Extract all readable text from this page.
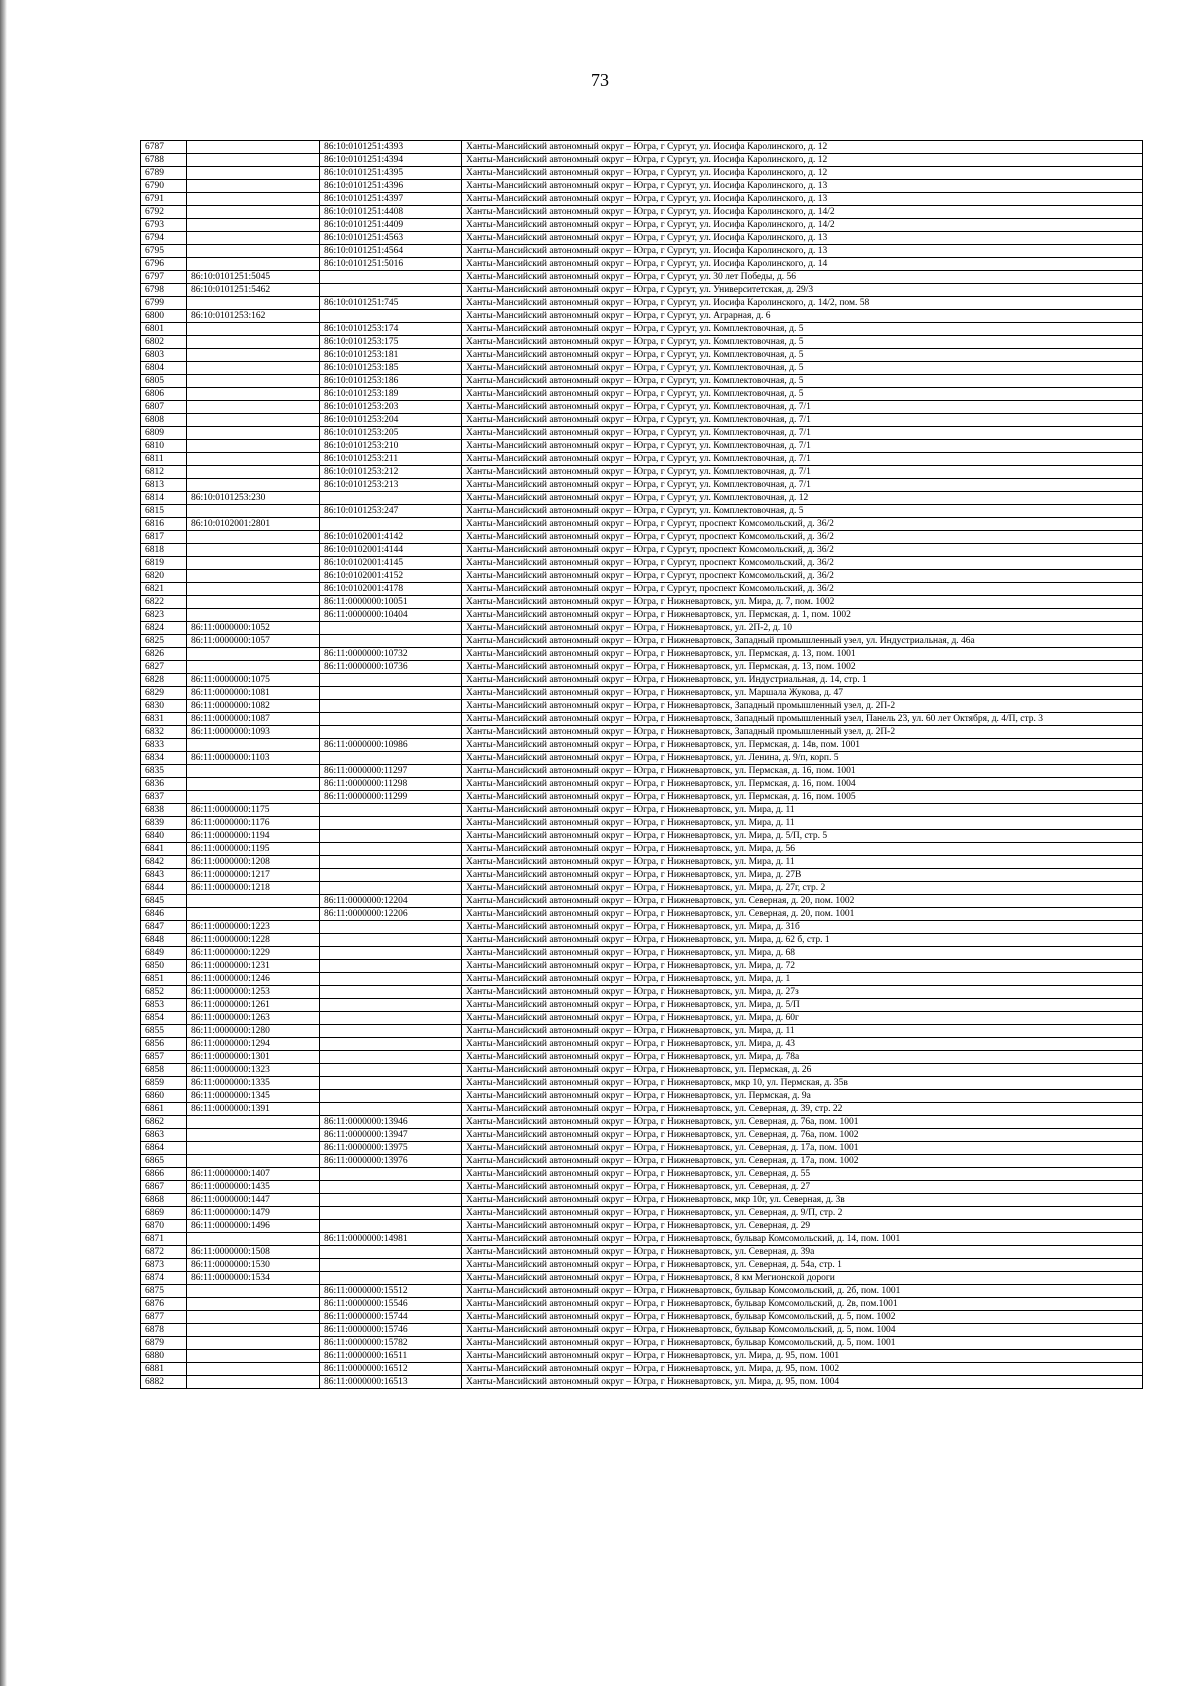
73
6787		86:10:0101251:4393	Ханты-Мансийский автономный округ – Югра, г Сургут, ул. Иосифа Каролинского, д. 12
6788		86:10:0101251:4394	Ханты-Мансийский автономный округ – Югра, г Сургут, ул. Иосифа Каролинского, д. 12
6789		86:10:0101251:4395	Ханты-Мансийский автономный округ – Югра, г Сургут, ул. Иосифа Каролинского, д. 12
6790		86:10:0101251:4396	Ханты-Мансийский автономный округ – Югра, г Сургут, ул. Иосифа Каролинского, д. 13
6791		86:10:0101251:4397	Ханты-Мансийский автономный округ – Югра, г Сургут, ул. Иосифа Каролинского, д. 13
6792		86:10:0101251:4408	Ханты-Мансийский автономный округ – Югра, г Сургут, ул. Иосифа Каролинского, д. 14/2
6793		86:10:0101251:4409	Ханты-Мансийский автономный округ – Югра, г Сургут, ул. Иосифа Каролинского, д. 14/2
6794		86:10:0101251:4563	Ханты-Мансийский автономный округ – Югра, г Сургут, ул. Иосифа Каролинского, д. 13
6795		86:10:0101251:4564	Ханты-Мансийский автономный округ – Югра, г Сургут, ул. Иосифа Каролинского, д. 13
6796		86:10:0101251:5016	Ханты-Мансийский автономный округ – Югра, г Сургут, ул. Иосифа Каролинского, д. 14
6797	86:10:0101251:5045		Ханты-Мансийский автономный округ – Югра, г Сургут, ул. 30 лет Победы, д. 56
6798	86:10:0101251:5462		Ханты-Мансийский автономный округ – Югра, г Сургут, ул. Университетская, д. 29/3
6799		86:10:0101251:745	Ханты-Мансийский автономный округ – Югра, г Сургут, ул. Иосифа Каролинского, д. 14/2, пом. 58
6800	86:10:0101253:162		Ханты-Мансийский автономный округ – Югра, г Сургут, ул. Аграрная, д. 6
6801		86:10:0101253:174	Ханты-Мансийский автономный округ – Югра, г Сургут, ул. Комплектовочная, д. 5
6802		86:10:0101253:175	Ханты-Мансийский автономный округ – Югра, г Сургут, ул. Комплектовочная, д. 5
6803		86:10:0101253:181	Ханты-Мансийский автономный округ – Югра, г Сургут, ул. Комплектовочная, д. 5
6804		86:10:0101253:185	Ханты-Мансийский автономный округ – Югра, г Сургут, ул. Комплектовочная, д. 5
6805		86:10:0101253:186	Ханты-Мансийский автономный округ – Югра, г Сургут, ул. Комплектовочная, д. 5
6806		86:10:0101253:189	Ханты-Мансийский автономный округ – Югра, г Сургут, ул. Комплектовочная, д. 5
6807		86:10:0101253:203	Ханты-Мансийский автономный округ – Югра, г Сургут, ул. Комплектовочная, д. 7/1
6808		86:10:0101253:204	Ханты-Мансийский автономный округ – Югра, г Сургут, ул. Комплектовочная, д. 7/1
6809		86:10:0101253:205	Ханты-Мансийский автономный округ – Югра, г Сургут, ул. Комплектовочная, д. 7/1
6810		86:10:0101253:210	Ханты-Мансийский автономный округ – Югра, г Сургут, ул. Комплектовочная, д. 7/1
6811		86:10:0101253:211	Ханты-Мансийский автономный округ – Югра, г Сургут, ул. Комплектовочная, д. 7/1
6812		86:10:0101253:212	Ханты-Мансийский автономный округ – Югра, г Сургут, ул. Комплектовочная, д. 7/1
6813		86:10:0101253:213	Ханты-Мансийский автономный округ – Югра, г Сургут, ул. Комплектовочная, д. 7/1
6814	86:10:0101253:230		Ханты-Мансийский автономный округ – Югра, г Сургут, ул. Комплектовочная, д. 12
6815		86:10:0101253:247	Ханты-Мансийский автономный округ – Югра, г Сургут, ул. Комплектовочная, д. 5
6816	86:10:0102001:2801		Ханты-Мансийский автономный округ – Югра, г Сургут, проспект Комсомольский, д. 36/2
6817		86:10:0102001:4142	Ханты-Мансийский автономный округ – Югра, г Сургут, проспект Комсомольский, д. 36/2
6818		86:10:0102001:4144	Ханты-Мансийский автономный округ – Югра, г Сургут, проспект Комсомольский, д. 36/2
6819		86:10:0102001:4145	Ханты-Мансийский автономный округ – Югра, г Сургут, проспект Комсомольский, д. 36/2
6820		86:10:0102001:4152	Ханты-Мансийский автономный округ – Югра, г Сургут, проспект Комсомольский, д. 36/2
6821		86:10:0102001:4178	Ханты-Мансийский автономный округ – Югра, г Сургут, проспект Комсомольский, д. 36/2
6822		86:11:0000000:10051	Ханты-Мансийский автономный округ – Югра, г Нижневартовск, ул. Мира, д. 7, пом. 1002
6823		86:11:0000000:10404	Ханты-Мансийский автономный округ – Югра, г Нижневартовск, ул. Пермская, д. 1, пом. 1002
6824	86:11:0000000:1052		Ханты-Мансийский автономный округ – Югра, г Нижневартовск, ул. 2П-2, д. 10
6825	86:11:0000000:1057		Ханты-Мансийский автономный округ – Югра, г Нижневартовск, Западный промышленный узел, ул. Индустриальная, д. 46а
6826		86:11:0000000:10732	Ханты-Мансийский автономный округ – Югра, г Нижневартовск, ул. Пермская, д. 13, пом. 1001
6827		86:11:0000000:10736	Ханты-Мансийский автономный округ – Югра, г Нижневартовск, ул. Пермская, д. 13, пом. 1002
6828	86:11:0000000:1075		Ханты-Мансийский автономный округ – Югра, г Нижневартовск, ул. Индустриальная, д. 14, стр. 1
6829	86:11:0000000:1081		Ханты-Мансийский автономный округ – Югра, г Нижневартовск, ул. Маршала Жукова, д. 47
6830	86:11:0000000:1082		Ханты-Мансийский автономный округ – Югра, г Нижневартовск, Западный промышленный узел, д. 2П-2
6831	86:11:0000000:1087		Ханты-Мансийский автономный округ – Югра, г Нижневартовск, Западный промышленный узел, Панель 23, ул. 60 лет Октября, д. 4/П, стр. 3
6832	86:11:0000000:1093		Ханты-Мансийский автономный округ – Югра, г Нижневартовск, Западный промышленный узел, д. 2П-2
6833		86:11:0000000:10986	Ханты-Мансийский автономный округ – Югра, г Нижневартовск, ул. Пермская, д. 14в, пом. 1001
6834	86:11:0000000:1103		Ханты-Мансийский автономный округ – Югра, г Нижневартовск, ул. Ленина, д. 9/п, корп. 5
6835		86:11:0000000:11297	Ханты-Мансийский автономный округ – Югра, г Нижневартовск, ул. Пермская, д. 16, пом. 1001
6836		86:11:0000000:11298	Ханты-Мансийский автономный округ – Югра, г Нижневартовск, ул. Пермская, д. 16, пом. 1004
6837		86:11:0000000:11299	Ханты-Мансийский автономный округ – Югра, г Нижневартовск, ул. Пермская, д. 16, пом. 1005
6838	86:11:0000000:1175		Ханты-Мансийский автономный округ – Югра, г Нижневартовск, ул. Мира, д. 11
6839	86:11:0000000:1176		Ханты-Мансийский автономный округ – Югра, г Нижневартовск, ул. Мира, д. 11
6840	86:11:0000000:1194		Ханты-Мансийский автономный округ – Югра, г Нижневартовск, ул. Мира, д. 5/П, стр. 5
6841	86:11:0000000:1195		Ханты-Мансийский автономный округ – Югра, г Нижневартовск, ул. Мира, д. 56
6842	86:11:0000000:1208		Ханты-Мансийский автономный округ – Югра, г Нижневартовск, ул. Мира, д. 11
6843	86:11:0000000:1217		Ханты-Мансийский автономный округ – Югра, г Нижневартовск, ул. Мира, д. 27В
6844	86:11:0000000:1218		Ханты-Мансийский автономный округ – Югра, г Нижневартовск, ул. Мира, д. 27г, стр. 2
6845		86:11:0000000:12204	Ханты-Мансийский автономный округ – Югра, г Нижневартовск, ул. Северная, д. 20, пом. 1002
6846		86:11:0000000:12206	Ханты-Мансийский автономный округ – Югра, г Нижневартовск, ул. Северная, д. 20, пом. 1001
6847	86:11:0000000:1223		Ханты-Мансийский автономный округ – Югра, г Нижневартовск, ул. Мира, д. 31б
6848	86:11:0000000:1228		Ханты-Мансийский автономный округ – Югра, г Нижневартовск, ул. Мира, д. 62 б, стр. 1
6849	86:11:0000000:1229		Ханты-Мансийский автономный округ – Югра, г Нижневартовск, ул. Мира, д. 68
6850	86:11:0000000:1231		Ханты-Мансийский автономный округ – Югра, г Нижневартовск, ул. Мира, д. 72
6851	86:11:0000000:1246		Ханты-Мансийский автономный округ – Югра, г Нижневартовск, ул. Мира, д. 1
6852	86:11:0000000:1253		Ханты-Мансийский автономный округ – Югра, г Нижневартовск, ул. Мира, д. 27з
6853	86:11:0000000:1261		Ханты-Мансийский автономный округ – Югра, г Нижневартовск, ул. Мира, д. 5/П
6854	86:11:0000000:1263		Ханты-Мансийский автономный округ – Югра, г Нижневартовск, ул. Мира, д. 60г
6855	86:11:0000000:1280		Ханты-Мансийский автономный округ – Югра, г Нижневартовск, ул. Мира, д. 11
6856	86:11:0000000:1294		Ханты-Мансийский автономный округ – Югра, г Нижневартовск, ул. Мира, д. 43
6857	86:11:0000000:1301		Ханты-Мансийский автономный округ – Югра, г Нижневартовск, ул. Мира, д. 78а
6858	86:11:0000000:1323		Ханты-Мансийский автономный округ – Югра, г Нижневартовск, ул. Пермская, д. 26
6859	86:11:0000000:1335		Ханты-Мансийский автономный округ – Югра, г Нижневартовск, мкр 10, ул. Пермская, д. 35в
6860	86:11:0000000:1345		Ханты-Мансийский автономный округ – Югра, г Нижневартовск, ул. Пермская, д. 9а
6861	86:11:0000000:1391		Ханты-Мансийский автономный округ – Югра, г Нижневартовск, ул. Северная, д. 39, стр. 22
6862		86:11:0000000:13946	Ханты-Мансийский автономный округ – Югра, г Нижневартовск, ул. Северная, д. 76а, пом. 1001
6863		86:11:0000000:13947	Ханты-Мансийский автономный округ – Югра, г Нижневартовск, ул. Северная, д. 76а, пом. 1002
6864		86:11:0000000:13975	Ханты-Мансийский автономный округ – Югра, г Нижневартовск, ул. Северная, д. 17а, пом. 1001
6865		86:11:0000000:13976	Ханты-Мансийский автономный округ – Югра, г Нижневартовск, ул. Северная, д. 17а, пом. 1002
6866	86:11:0000000:1407		Ханты-Мансийский автономный округ – Югра, г Нижневартовск, ул. Северная, д. 55
6867	86:11:0000000:1435		Ханты-Мансийский автономный округ – Югра, г Нижневартовск, ул. Северная, д. 27
6868	86:11:0000000:1447		Ханты-Мансийский автономный округ – Югра, г Нижневартовск, мкр 10г, ул. Северная, д. 3в
6869	86:11:0000000:1479		Ханты-Мансийский автономный округ – Югра, г Нижневартовск, ул. Северная, д. 9/П, стр. 2
6870	86:11:0000000:1496		Ханты-Мансийский автономный округ – Югра, г Нижневартовск, ул. Северная, д. 29
6871		86:11:0000000:14981	Ханты-Мансийский автономный округ – Югра, г Нижневартовск, бульвар Комсомольский, д. 14, пом. 1001
6872	86:11:0000000:1508		Ханты-Мансийский автономный округ – Югра, г Нижневартовск, ул. Северная, д. 39а
6873	86:11:0000000:1530		Ханты-Мансийский автономный округ – Югра, г Нижневартовск, ул. Северная, д. 54а, стр. 1
6874	86:11:0000000:1534		Ханты-Мансийский автономный округ – Югра, г Нижневартовск, 8 км Мегионской дороги
6875		86:11:0000000:15512	Ханты-Мансийский автономный округ – Югра, г Нижневартовск, бульвар Комсомольский, д. 2б, пом. 1001
6876		86:11:0000000:15546	Ханты-Мансийский автономный округ – Югра, г Нижневартовск, бульвар Комсомольский, д. 2в, пом.1001
6877		86:11:0000000:15744	Ханты-Мансийский автономный округ – Югра, г Нижневартовск, бульвар Комсомольский, д. 5, пом. 1002
6878		86:11:0000000:15746	Ханты-Мансийский автономный округ – Югра, г Нижневартовск, бульвар Комсомольский, д. 5, пом. 1004
6879		86:11:0000000:15782	Ханты-Мансийский автономный округ – Югра, г Нижневартовск, бульвар Комсомольский, д. 5, пом. 1001
6880		86:11:0000000:16511	Ханты-Мансийский автономный округ – Югра, г Нижневартовск, ул. Мира, д. 95, пом. 1001
6881		86:11:0000000:16512	Ханты-Мансийский автономный округ – Югра, г Нижневартовск, ул. Мира, д. 95, пом. 1002
6882		86:11:0000000:16513	Ханты-Мансийский автономный округ – Югра, г Нижневартовск, ул. Мира, д. 95, пом. 1004
